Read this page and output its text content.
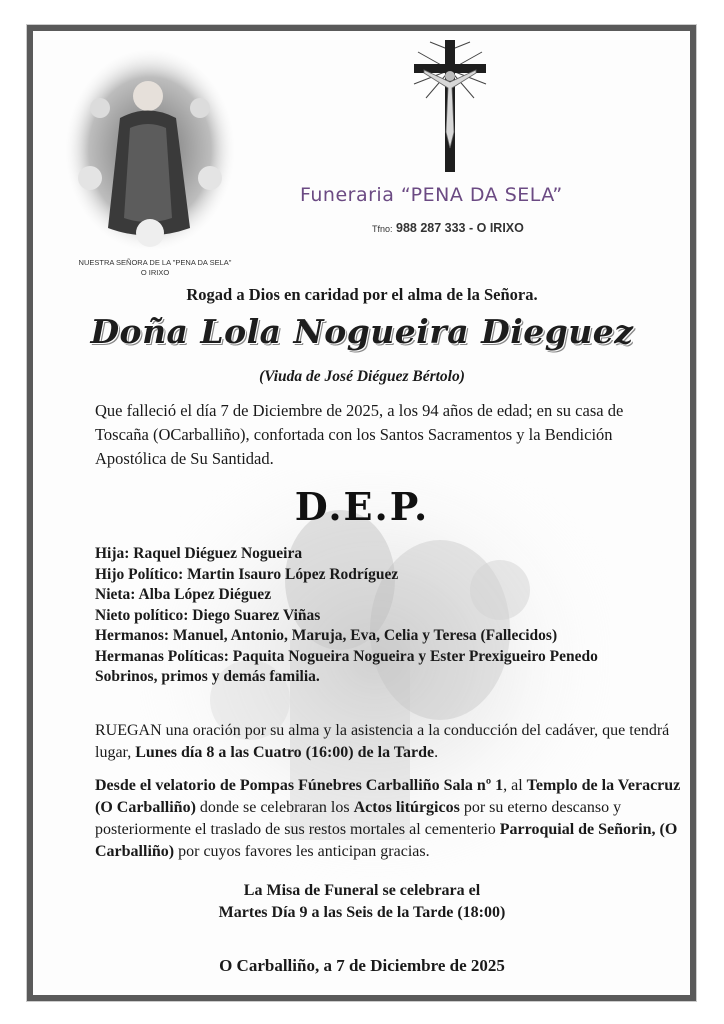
NUESTRA SEÑORA DE LA "PENA DA SELA"
O IRIXO
Funeraria “PENA DA SELA”
Tfno: 988 287 333 - O IRIXO
Rogad a Dios en caridad por el alma de la Señora.
Doña Lola Nogueira Dieguez
(Viuda de José Diéguez Bértolo)
Que falleció el día 7 de Diciembre de 2025, a los 94 años de edad; en su casa de Toscaña (OCarballiño), confortada con los Santos Sacramentos y la Bendición Apostólica de Su Santidad.
D.E.P.
Hija: Raquel Diéguez Nogueira
Hijo Político: Martin Isauro López Rodríguez
Nieta: Alba López Diéguez
Nieto político: Diego Suarez Viñas
Hermanos: Manuel, Antonio, Maruja, Eva, Celia y Teresa (Fallecidos)
Hermanas Políticas: Paquita Nogueira Nogueira y Ester Prexigueiro Penedo
Sobrinos, primos y demás familia.
RUEGAN una oración por su alma y la asistencia a la conducción del cadáver, que tendrá lugar, Lunes día 8 a las Cuatro (16:00) de la Tarde.
Desde el velatorio de Pompas Fúnebres Carballiño Sala nº 1, al Templo de la Veracruz (O Carballiño) donde se celebraran los Actos litúrgicos por su eterno descanso y posteriormente el traslado de sus restos mortales al cementerio Parroquial de Señorin, (O Carballiño) por cuyos favores les anticipan gracias.
La Misa de Funeral se celebrara el
Martes Día 9 a las Seis de la Tarde (18:00)
O Carballiño, a 7 de Diciembre de 2025
